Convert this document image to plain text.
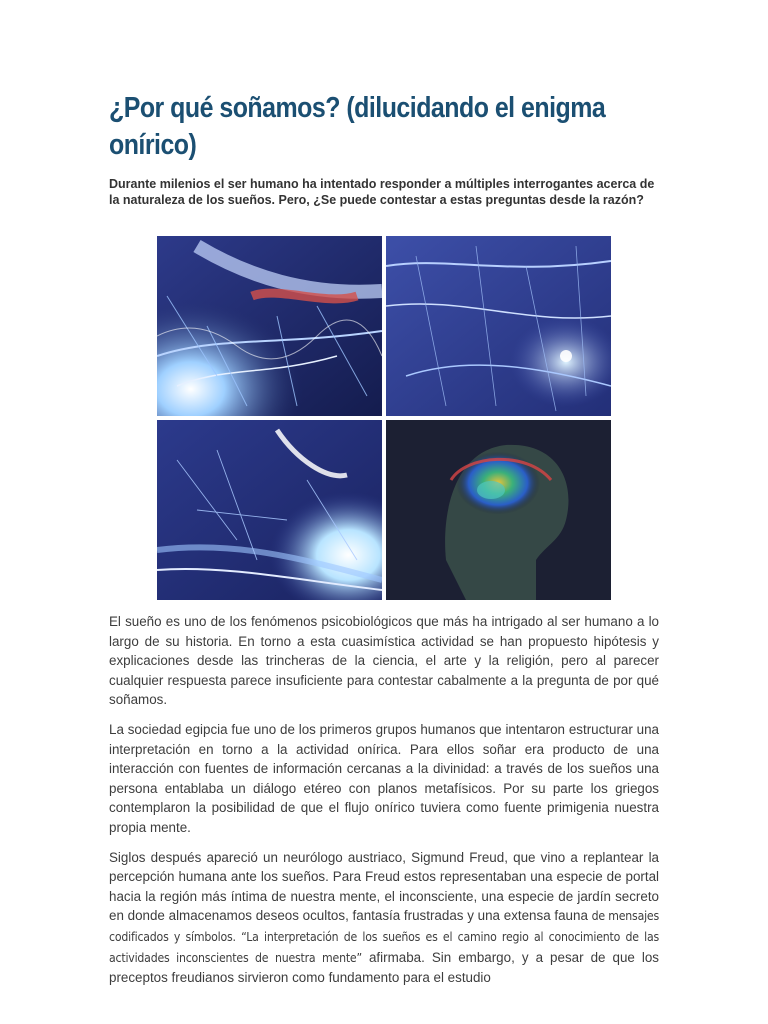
¿Por qué soñamos? (dilucidando el enigma onírico)
Durante milenios el ser humano ha intentado responder a múltiples interrogantes acerca de la naturaleza de los sueños. Pero, ¿Se puede contestar a estas preguntas desde la razón?

El sueño es uno de los fenómenos psicobiológicos que más ha intrigado al ser humano a lo largo de su historia. En torno a esta cuasimística actividad se han propuesto hipótesis y explicaciones desde las trincheras de la ciencia, el arte y la religión, pero al parecer cualquier respuesta parece insuficiente para contestar cabalmente a la pregunta de por qué soñamos.

La sociedad egipcia fue uno de los primeros grupos humanos que intentaron estructurar una interpretación en torno a la actividad onírica. Para ellos soñar era producto de una interacción con fuentes de información cercanas a la divinidad: a través de los sueños una persona entablaba un diálogo etéreo con planos metafísicos. Por su parte los griegos contemplaron la posibilidad de que el flujo onírico tuviera como fuente primigenia nuestra propia mente.

Siglos después apareció un neurólogo austriaco, Sigmund Freud, que vino a replantear la percepción humana ante los sueños. Para Freud estos representaban una especie de portal hacia la región más íntima de nuestra mente, el inconsciente, una especie de jardín secreto en donde almacenamos deseos ocultos, fantasía frustradas y una extensa fauna de mensajes codificados y símbolos. “La interpretación de los sueños es el camino regio al conocimiento de las actividades inconscientes de nuestra mente” afirmaba. Sin embargo, y a pesar de que los preceptos freudianos sirvieron como fundamento para el estudio
